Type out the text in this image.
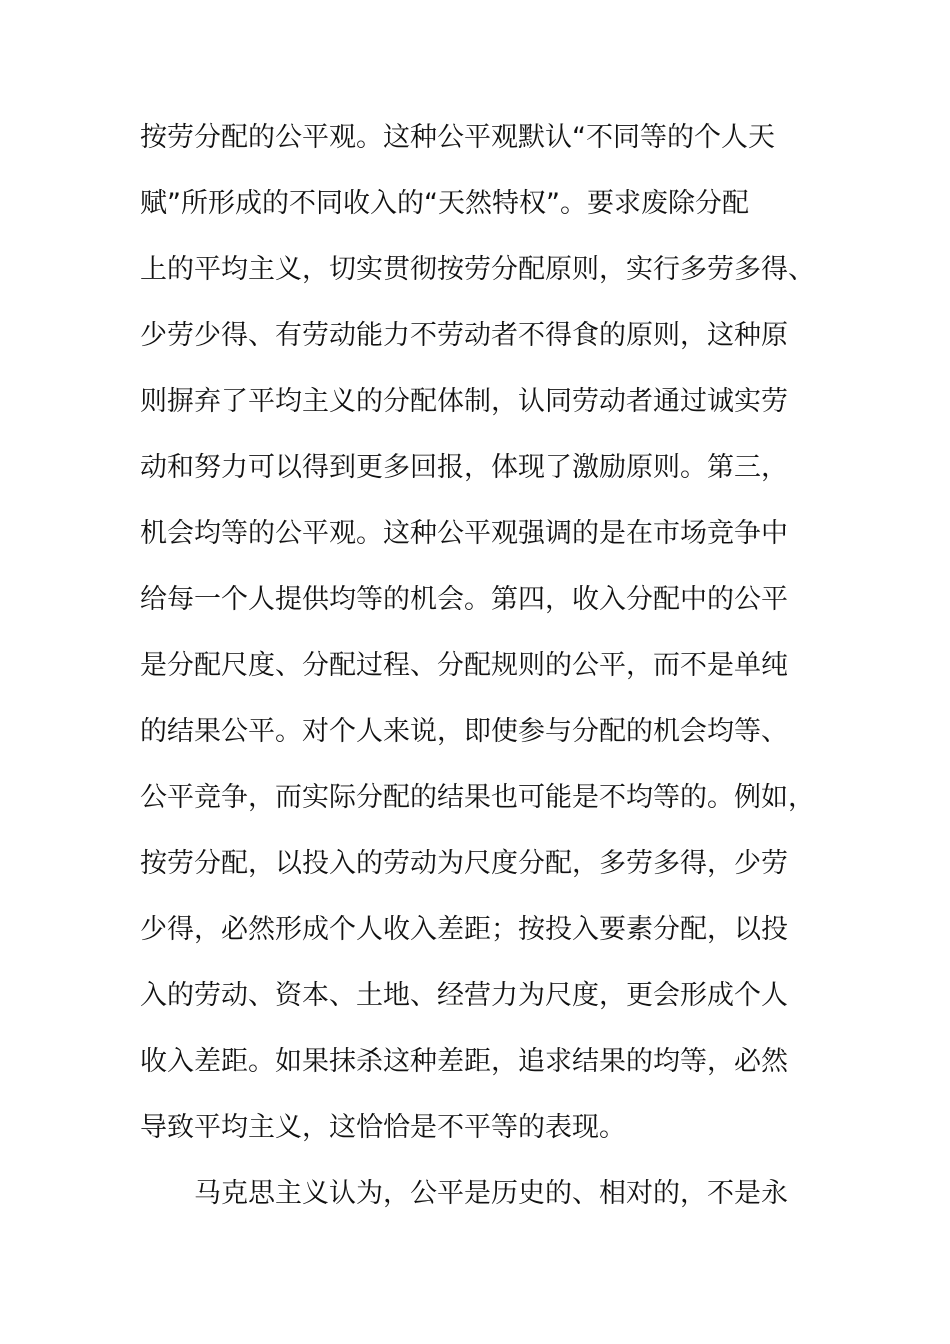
按劳分配的公平观。这种公平观默认“不同等的个人天
赋”所形成的不同收入的“天然特权”。要求废除分配
上的平均主义，切实贯彻按劳分配原则，实行多劳多得、
少劳少得、有劳动能力不劳动者不得食的原则，这种原
则摒弃了平均主义的分配体制，认同劳动者通过诚实劳
动和努力可以得到更多回报，体现了激励原则。第三，
机会均等的公平观。这种公平观强调的是在市场竞争中
给每一个人提供均等的机会。第四，收入分配中的公平
是分配尺度、分配过程、分配规则的公平，而不是单纯
的结果公平。对个人来说，即使参与分配的机会均等、
公平竞争，而实际分配的结果也可能是不均等的。例如，
按劳分配，以投入的劳动为尺度分配，多劳多得，少劳
少得，必然形成个人收入差距；按投入要素分配，以投
入的劳动、资本、土地、经营力为尺度，更会形成个人
收入差距。如果抹杀这种差距，追求结果的均等，必然
导致平均主义，这恰恰是不平等的表现。
马克思主义认为，公平是历史的、相对的，不是永
